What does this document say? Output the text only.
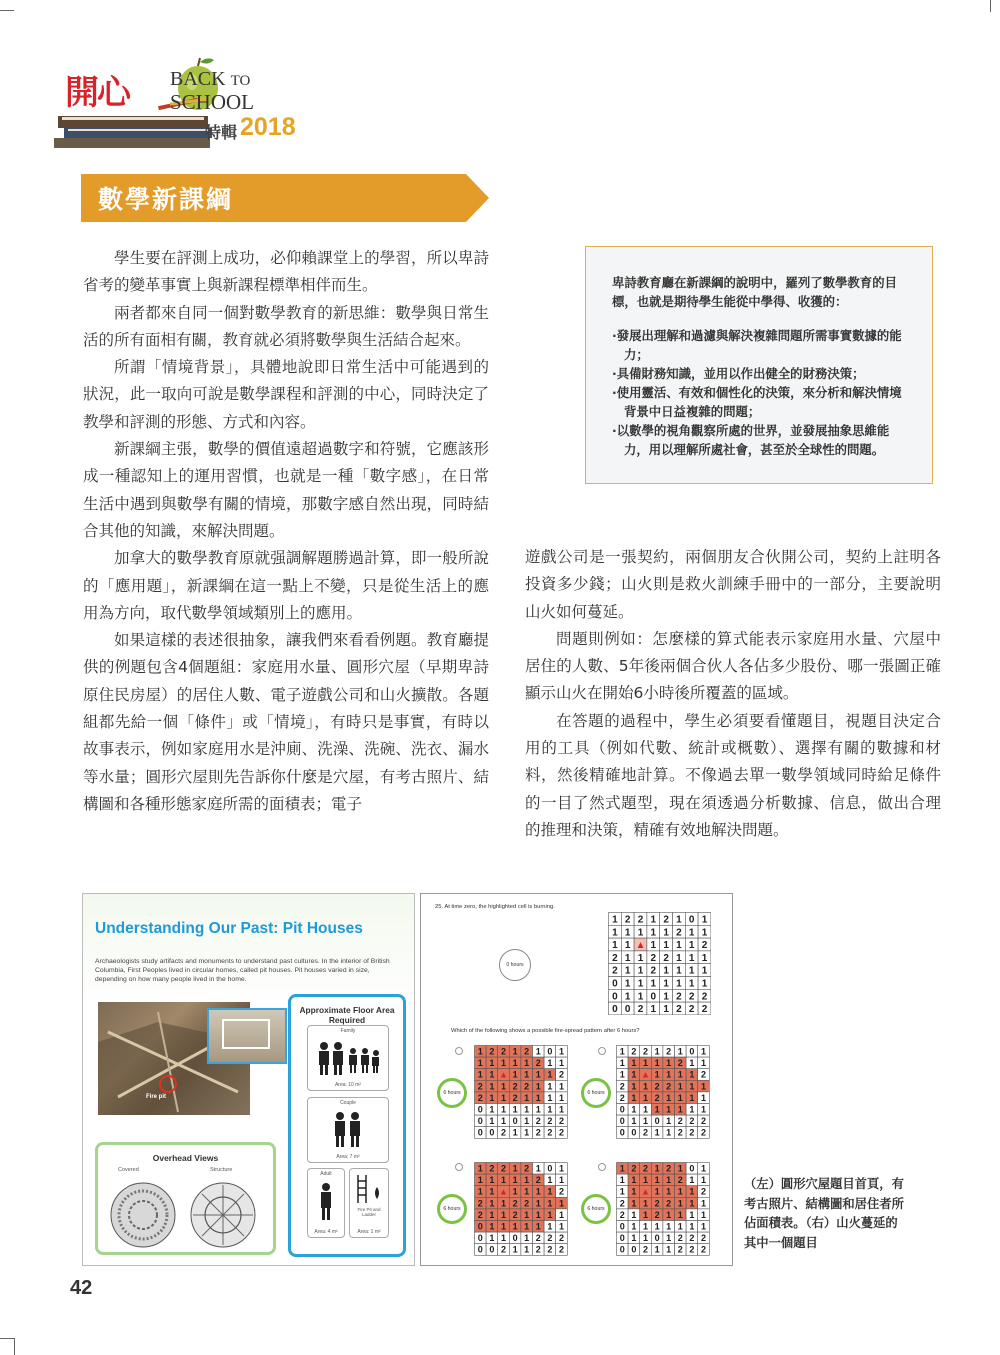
開心 BACK TO
SCHOOL
特輯 2018
數學新課綱

學生要在評測上成功，必仰賴課堂上的學習，所以卑詩省考的變革事實上與新課程標準相伴而生。

兩者都來自同一個對數學教育的新思維：數學與日常生活的所有面相有關，教育就必須將數學與生活結合起來。

所謂「情境背景」，具體地說即日常生活中可能遇到的狀況，此一取向可說是數學課程和評測的中心，同時決定了教學和評測的形態、方式和內容。

新課綱主張，數學的價值遠超過數字和符號，它應該形成一種認知上的運用習慣，也就是一種「數字感」，在日常生活中遇到與數學有關的情境，那數字感自然出現，同時結合其他的知識，來解決問題。

加拿大的數學教育原就强調解題勝過計算，即一般所說的「應用題」，新課綱在這一點上不變，只是從生活上的應用為方向，取代數學領域類別上的應用。

如果這樣的表述很抽象，讓我們來看看例題。教育廳提供的例題包含4個題組：家庭用水量、圓形穴屋（早期卑詩原住民房屋）的居住人數、電子遊戲公司和山火擴散。各題組都先給一個「條件」或「情境」，有時只是事實，有時以故事表示，例如家庭用水是沖廁、洗澡、洗碗、洗衣、漏水等水量；圓形穴屋則先告訴你什麼是穴屋，有考古照片、結構圖和各種形態家庭所需的面積表；電子

卑詩教育廳在新課綱的說明中，羅列了數學教育的目標，也就是期待學生能從中學得、收獲的：

·發展出理解和過濾與解決複雜問題所需事實數據的能力；
·具備財務知識，並用以作出健全的財務決策；
·使用靈活、有效和個性化的決策，來分析和解決情境背景中日益複雜的問題；
·以數學的視角觀察所處的世界，並發展抽象思維能力，用以理解所處社會，甚至於全球性的問題。

遊戲公司是一張契約，兩個朋友合伙開公司，契約上註明各投資多少錢；山火則是救火訓練手冊中的一部分，主要說明山火如何蔓延。

問題則例如：怎麼樣的算式能表示家庭用水量、穴屋中居住的人數、5年後兩個合伙人各佔多少股份、哪一張圖正確顯示山火在開始6小時後所覆蓋的區域。

在答題的過程中，學生必須要看懂題目，視題目決定合用的工具（例如代數、統計或概數）、選擇有關的數據和材料，然後精確地計算。不像過去單一數學領域同時給足條件的一目了然式題型，現在須透過分析數據、信息，做出合理的推理和決策，精確有效地解決問題。

Understanding Our Past: Pit Houses
Archaeologists study artifacts and monuments to understand past cultures. In the interior of British Columbia, First Peoples lived in circular homes, called pit houses. Pit houses varied in size, depending on how many people lived in the home.
Fire pit
Approximate Floor Area Required
Family
Area: 10 m²
Couple
Area: 7 m²
Adult
Area: 4 m²
Fire Pit and Ladder
Area: 1 m²
Overhead Views
Covered	Structure
25. At time zero, the highlighted cell is burning.
Which of the following shows a possible fire-spread pattern after 6 hours?
0 hours
1 2 2 1 2 1 0 1
1 1 1 1 1 2 1 1
1 1 ▲ 1 1 1 1 2
2 1 1 2 2 1 1 1
2 1 1 2 1 1 1 1
0 1 1 1 1 1 1 1
0 1 1 0 1 2 2 2
0 0 2 1 1 2 2 2
6 hours
1 2 2 1 2 1 0 1
1 1 1 1 1 2 1 1
1 1 ▲ 1 1 1 1 2
2 1 1 2 2 1 1 1
2 1 1 2 1 1 1 1
0 1 1 1 1 1 1 1
0 1 1 0 1 2 2 2
0 0 2 1 1 2 2 2
6 hours
1 2 2 1 2 1 0 1
1 1 1 1 1 2 1 1
1 1 ▲ 1 1 1 1 2
2 1 1 2 2 1 1 1
2 1 1 2 1 1 1 1
0 1 1 1 1 1 1 1
0 1 1 0 1 2 2 2
0 0 2 1 1 2 2 2
6 hours
1 2 2 1 2 1 0 1
1 1 1 1 1 2 1 1
1 1 ▲ 1 1 1 1 2
2 1 1 2 2 1 1 1
2 1 1 2 1 1 1 1
0 1 1 1 1 1 1 1
0 1 1 0 1 2 2 2
0 0 2 1 1 2 2 2
6 hours
1 2 2 1 2 1 0 1
1 1 1 1 1 2 1 1
1 1 ▲ 1 1 1 1 2
2 1 1 2 2 1 1 1
2 1 1 2 1 1 1 1
0 1 1 1 1 1 1 1
0 1 1 0 1 2 2 2
0 0 2 1 1 2 2 2
（左）圓形穴屋題目首頁，有考古照片、結構圖和居住者所佔面積表。（右）山火蔓延的其中一個題目
42
